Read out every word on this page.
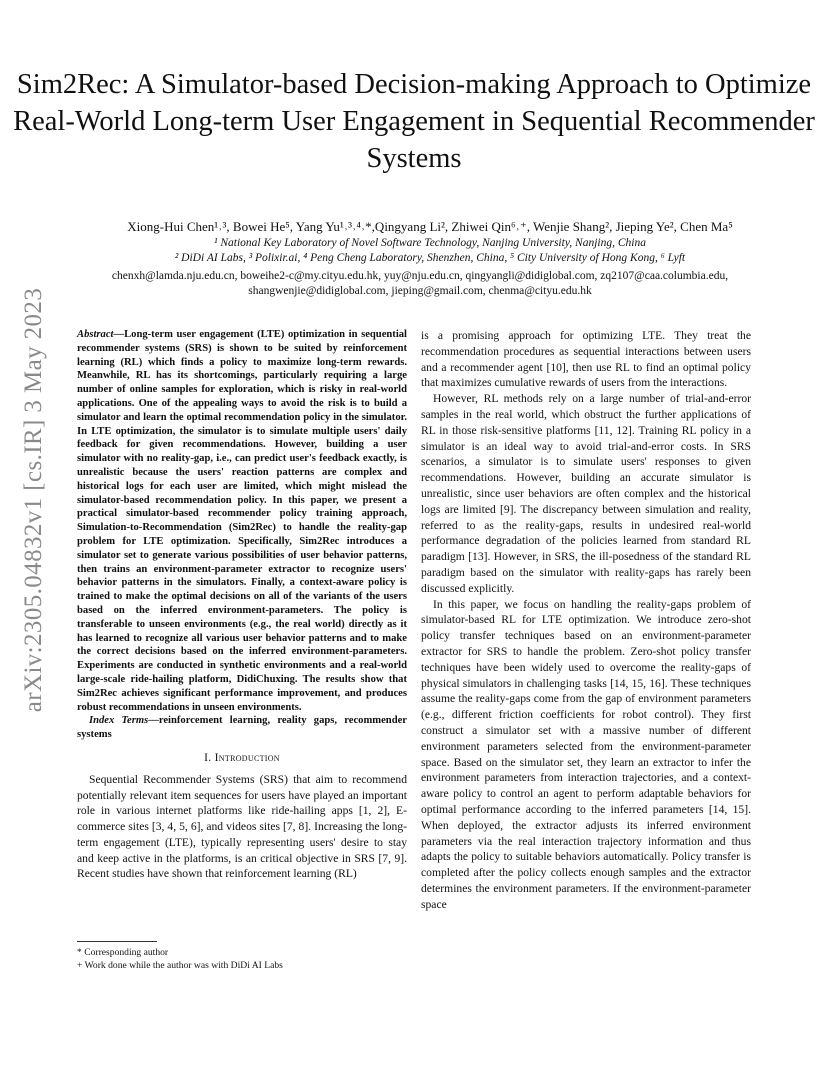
arXiv:2305.04832v1 [cs.IR] 3 May 2023
Sim2Rec: A Simulator-based Decision-making Approach to Optimize Real-World Long-term User Engagement in Sequential Recommender Systems
Xiong-Hui Chen¹˒³, Bowei He⁵, Yang Yu¹˒³˒⁴˒*,Qingyang Li², Zhiwei Qin⁶˒⁺, Wenjie Shang², Jieping Ye², Chen Ma⁵
¹ National Key Laboratory of Novel Software Technology, Nanjing University, Nanjing, China
² DiDi AI Labs, ³ Polixir.ai, ⁴ Peng Cheng Laboratory, Shenzhen, China, ⁵ City University of Hong Kong, ⁶ Lyft
chenxh@lamda.nju.edu.cn, boweihe2-c@my.cityu.edu.hk, yuy@nju.edu.cn, qingyangli@didiglobal.com, zq2107@caa.columbia.edu,
shangwenjie@didiglobal.com, jieping@gmail.com, chenma@cityu.edu.hk

Abstract—Long-term user engagement (LTE) optimization in sequential recommender systems (SRS) is shown to be suited by reinforcement learning (RL) which finds a policy to maximize long-term rewards. Meanwhile, RL has its shortcomings, particularly requiring a large number of online samples for exploration, which is risky in real-world applications. One of the appealing ways to avoid the risk is to build a simulator and learn the optimal recommendation policy in the simulator. In LTE optimization, the simulator is to simulate multiple users' daily feedback for given recommendations. However, building a user simulator with no reality-gap, i.e., can predict user's feedback exactly, is unrealistic because the users' reaction patterns are complex and historical logs for each user are limited, which might mislead the simulator-based recommendation policy. In this paper, we present a practical simulator-based recommender policy training approach, Simulation-to-Recommendation (Sim2Rec) to handle the reality-gap problem for LTE optimization. Specifically, Sim2Rec introduces a simulator set to generate various possibilities of user behavior patterns, then trains an environment-parameter extractor to recognize users' behavior patterns in the simulators. Finally, a context-aware policy is trained to make the optimal decisions on all of the variants of the users based on the inferred environment-parameters. The policy is transferable to unseen environments (e.g., the real world) directly as it has learned to recognize all various user behavior patterns and to make the correct decisions based on the inferred environment-parameters. Experiments are conducted in synthetic environments and a real-world large-scale ride-hailing platform, DidiChuxing. The results show that Sim2Rec achieves significant performance improvement, and produces robust recommendations in unseen environments.

Index Terms—reinforcement learning, reality gaps, recommender systems

I. Introduction

Sequential Recommender Systems (SRS) that aim to recommend potentially relevant item sequences for users have played an important role in various internet platforms like ride-hailing apps [1, 2], E-commerce sites [3, 4, 5, 6], and videos sites [7, 8]. Increasing the long-term engagement (LTE), typically representing users' desire to stay and keep active in the platforms, is an critical objective in SRS [7, 9]. Recent studies have shown that reinforcement learning (RL)

* Corresponding author
+ Work done while the author was with DiDi AI Labs

is a promising approach for optimizing LTE. They treat the recommendation procedures as sequential interactions between users and a recommender agent [10], then use RL to find an optimal policy that maximizes cumulative rewards of users from the interactions.

However, RL methods rely on a large number of trial-and-error samples in the real world, which obstruct the further applications of RL in those risk-sensitive platforms [11, 12]. Training RL policy in a simulator is an ideal way to avoid trial-and-error costs. In SRS scenarios, a simulator is to simulate users' responses to given recommendations. However, building an accurate simulator is unrealistic, since user behaviors are often complex and the historical logs are limited [9]. The discrepancy between simulation and reality, referred to as the reality-gaps, results in undesired real-world performance degradation of the policies learned from standard RL paradigm [13]. However, in SRS, the ill-posedness of the standard RL paradigm based on the simulator with reality-gaps has rarely been discussed explicitly.

In this paper, we focus on handling the reality-gaps problem of simulator-based RL for LTE optimization. We introduce zero-shot policy transfer techniques based on an environment-parameter extractor for SRS to handle the problem. Zero-shot policy transfer techniques have been widely used to overcome the reality-gaps of physical simulators in challenging tasks [14, 15, 16]. These techniques assume the reality-gaps come from the gap of environment parameters (e.g., different friction coefficients for robot control). They first construct a simulator set with a massive number of different environment parameters selected from the environment-parameter space. Based on the simulator set, they learn an extractor to infer the environment parameters from interaction trajectories, and a context-aware policy to control an agent to perform adaptable behaviors for optimal performance according to the inferred parameters [14, 15]. When deployed, the extractor adjusts its inferred environment parameters via the real interaction trajectory information and thus adapts the policy to suitable behaviors automatically. Policy transfer is completed after the policy collects enough samples and the extractor determines the environment parameters. If the environment-parameter space
